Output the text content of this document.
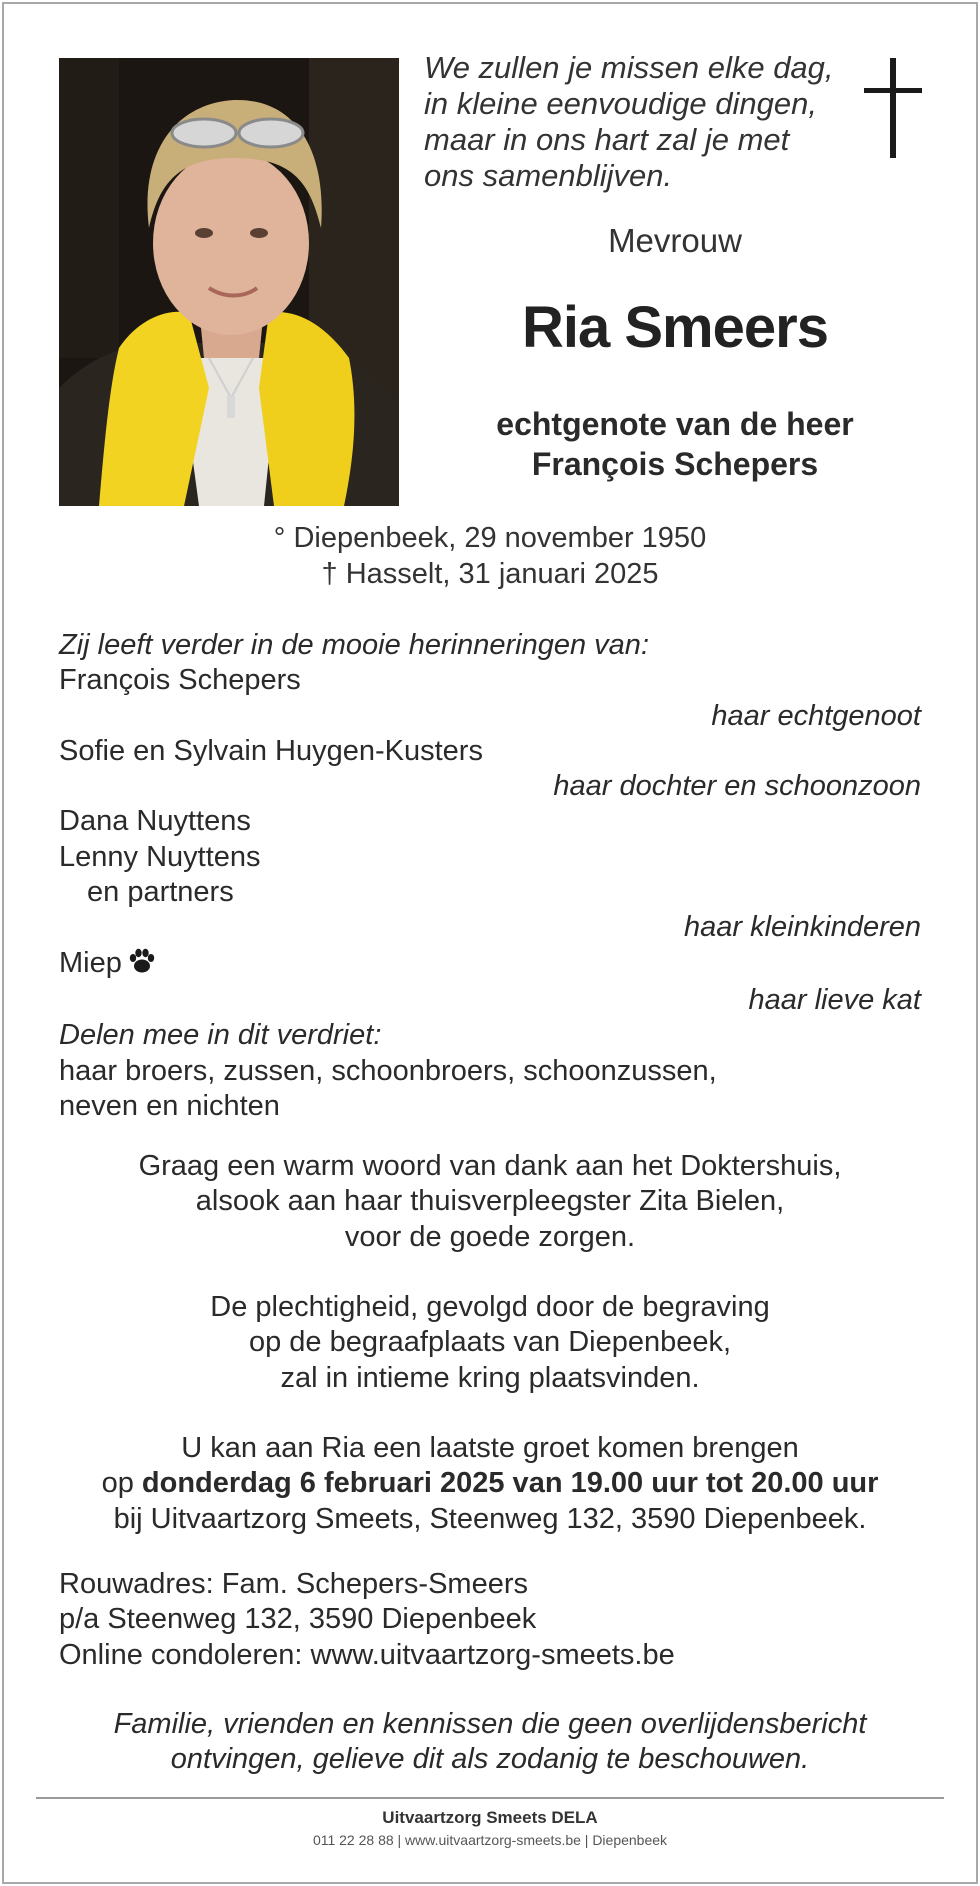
We zullen je missen elke dag,
in kleine eenvoudige dingen,
maar in ons hart zal je met
ons samenblijven.
Mevrouw
Ria Smeers
echtgenote van de heer
François Schepers
° Diepenbeek, 29 november 1950
† Hasselt, 31 januari 2025
Zij leeft verder in de mooie herinneringen van:
François Schepers
haar echtgenoot
Sofie en Sylvain Huygen-Kusters
haar dochter en schoonzoon
Dana Nuyttens
Lenny Nuyttens
en partners
haar kleinkinderen
Miep
haar lieve kat
Delen mee in dit verdriet:
haar broers, zussen, schoonbroers, schoonzussen,
neven en nichten
Graag een warm woord van dank aan het Doktershuis,
alsook aan haar thuisverpleegster Zita Bielen,
voor de goede zorgen.
De plechtigheid, gevolgd door de begraving
op de begraafplaats van Diepenbeek,
zal in intieme kring plaatsvinden.
U kan aan Ria een laatste groet komen brengen
op donderdag 6 februari 2025 van 19.00 uur tot 20.00 uur
bij Uitvaartzorg Smeets, Steenweg 132, 3590 Diepenbeek.
Rouwadres: Fam. Schepers-Smeers
p/a Steenweg 132, 3590 Diepenbeek
Online condoleren: www.uitvaartzorg-smeets.be
Familie, vrienden en kennissen die geen overlijdensbericht
ontvingen, gelieve dit als zodanig te beschouwen.
Uitvaartzorg Smeets DELA
011 22 28 88 | www.uitvaartzorg-smeets.be | Diepenbeek
